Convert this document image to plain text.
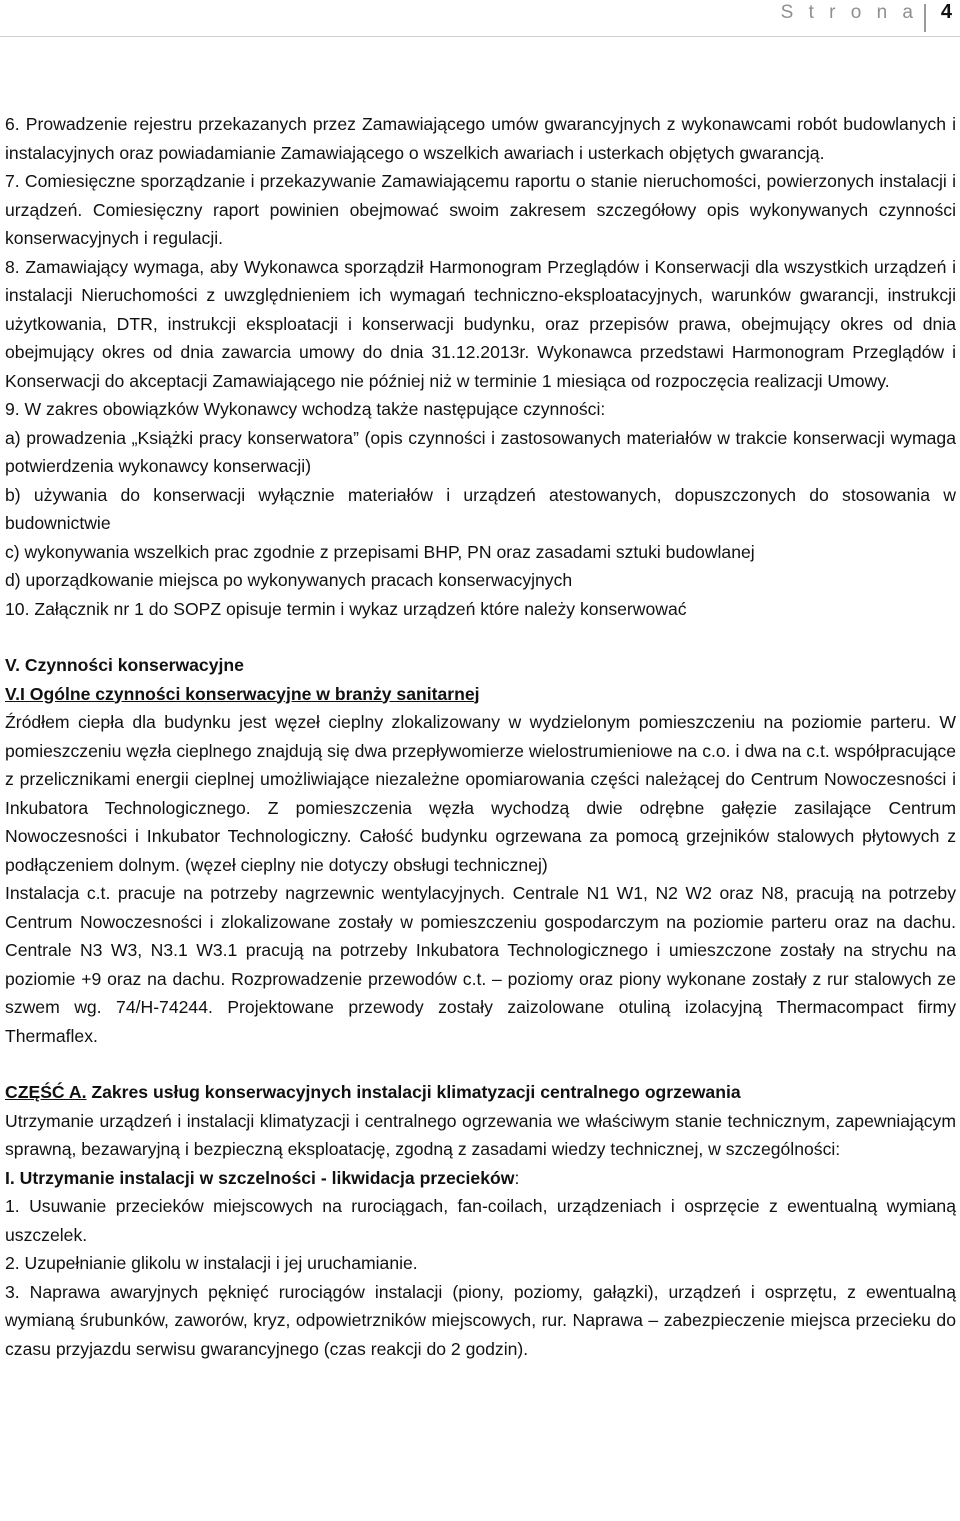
S t r o n a 4

6. Prowadzenie rejestru przekazanych przez Zamawiającego umów gwarancyjnych z wykonawcami robót budowlanych i instalacyjnych oraz powiadamianie Zamawiającego o wszelkich awariach i usterkach objętych gwarancją.

7. Comiesięczne sporządzanie i przekazywanie Zamawiającemu raportu o stanie nieruchomości, powierzonych instalacji i urządzeń. Comiesięczny raport powinien obejmować swoim zakresem szczegółowy opis wykonywanych czynności konserwacyjnych i regulacji.

8. Zamawiający wymaga, aby Wykonawca sporządził Harmonogram Przeglądów i Konserwacji dla wszystkich urządzeń i instalacji Nieruchomości z uwzględnieniem ich wymagań techniczno-eksploatacyjnych, warunków gwarancji, instrukcji użytkowania, DTR, instrukcji eksploatacji i konserwacji budynku, oraz przepisów prawa, obejmujący okres od dnia obejmujący okres od dnia zawarcia umowy do dnia 31.12.2013r. Wykonawca przedstawi Harmonogram Przeglądów i Konserwacji do akceptacji Zamawiającego nie później niż w terminie 1 miesiąca od rozpoczęcia realizacji Umowy.

9. W zakres obowiązków Wykonawcy wchodzą także następujące czynności:

a) prowadzenia „Książki pracy konserwatora” (opis czynności i zastosowanych materiałów w trakcie konserwacji wymaga potwierdzenia wykonawcy konserwacji)

b) używania do konserwacji wyłącznie materiałów i urządzeń atestowanych, dopuszczonych do stosowania w budownictwie

c) wykonywania wszelkich prac zgodnie z przepisami BHP, PN oraz zasadami sztuki budowlanej

d) uporządkowanie miejsca po wykonywanych pracach konserwacyjnych

10. Załącznik nr 1 do SOPZ opisuje termin i wykaz urządzeń które należy konserwować

V. Czynności konserwacyjne

V.I Ogólne czynności konserwacyjne w branży sanitarnej

Źródłem ciepła dla budynku jest węzeł cieplny zlokalizowany w wydzielonym pomieszczeniu na poziomie parteru. W pomieszczeniu węzła cieplnego znajdują się dwa przepływomierze wielostrumieniowe na c.o. i dwa na c.t. współpracujące z przelicznikami energii cieplnej umożliwiające niezależne opomiarowania części należącej do Centrum Nowoczesności i Inkubatora Technologicznego. Z pomieszczenia węzła wychodzą dwie odrębne gałęzie zasilające Centrum Nowoczesności i Inkubator Technologiczny. Całość budynku ogrzewana za pomocą grzejników stalowych płytowych z podłączeniem dolnym. (węzeł cieplny nie dotyczy obsługi technicznej)

Instalacja c.t. pracuje na potrzeby nagrzewnic wentylacyjnych. Centrale N1 W1, N2 W2 oraz N8, pracują na potrzeby Centrum Nowoczesności i zlokalizowane zostały w pomieszczeniu gospodarczym na poziomie parteru oraz na dachu. Centrale N3 W3, N3.1 W3.1 pracują na potrzeby Inkubatora Technologicznego i umieszczone zostały na strychu na poziomie +9 oraz na dachu. Rozprowadzenie przewodów c.t. – poziomy oraz piony wykonane zostały z rur stalowych ze szwem wg. 74/H-74244. Projektowane przewody zostały zaizolowane otuliną izolacyjną Thermacompact firmy Thermaflex.

CZĘŚĆ A. Zakres usług konserwacyjnych instalacji klimatyzacji centralnego ogrzewania

Utrzymanie urządzeń i instalacji klimatyzacji i centralnego ogrzewania we właściwym stanie technicznym, zapewniającym sprawną, bezawaryjną i bezpieczną eksploatację, zgodną z zasadami wiedzy technicznej, w szczególności:

I. Utrzymanie instalacji w szczelności - likwidacja przecieków:

1. Usuwanie przecieków miejscowych na rurociągach, fan-coilach, urządzeniach i osprzęcie z ewentualną wymianą uszczelek.

2. Uzupełnianie glikolu w instalacji i jej uruchamianie.

3. Naprawa awaryjnych pęknięć rurociągów instalacji (piony, poziomy, gałązki), urządzeń i osprzętu, z ewentualną wymianą śrubunków, zaworów, kryz, odpowietrzników miejscowych, rur. Naprawa – zabezpieczenie miejsca przecieku do czasu przyjazdu serwisu gwarancyjnego (czas reakcji do 2 godzin).
